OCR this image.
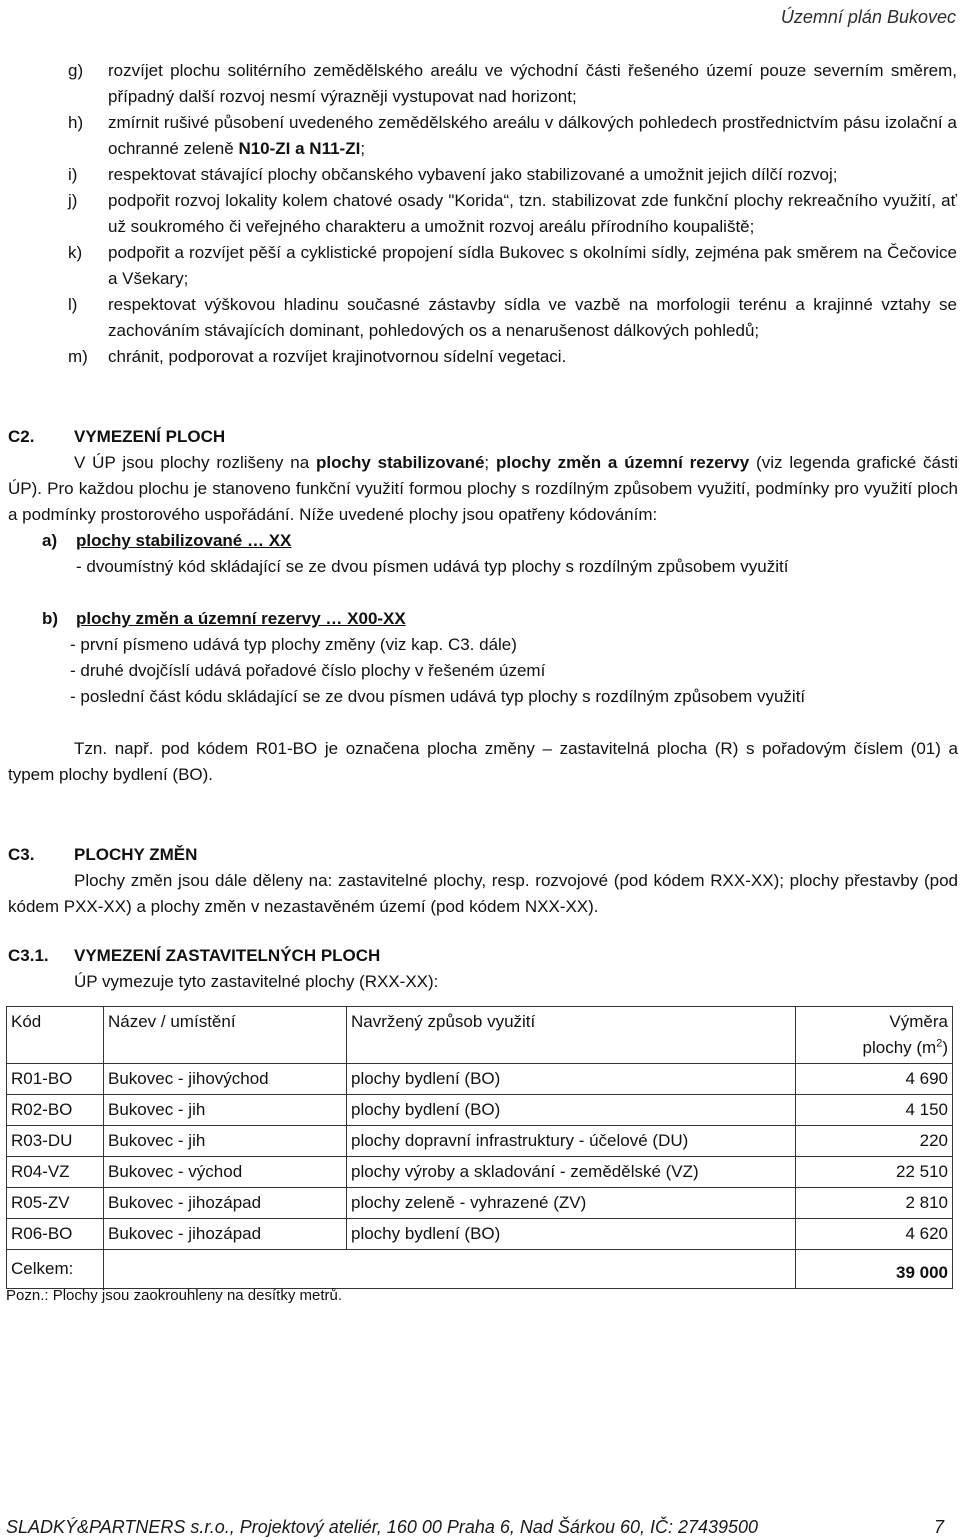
Územní plán Bukovec
g)	rozvíjet plochu solitérního zemědělského areálu ve východní části řešeného území pouze severním směrem, případný další rozvoj nesmí výrazněji vystupovat nad horizont;
h)	zmírnit rušivé působení uvedeného zemědělského areálu v dálkových pohledech prostřednictvím pásu izolační a ochranné zeleně N10-ZI a N11-ZI;
i)	respektovat stávající plochy občanského vybavení jako stabilizované a umožnit jejich dílčí rozvoj;
j)	podpořit rozvoj lokality kolem chatové osady "Korida“, tzn. stabilizovat zde funkční plochy rekreačního využití, ať už soukromého či veřejného charakteru a umožnit rozvoj areálu přírodního koupaliště;
k)	podpořit a rozvíjet pěší a cyklistické propojení sídla Bukovec s okolními sídly, zejména pak směrem na Čečovice a Všekary;
l)	respektovat výškovou hladinu současné zástavby sídla ve vazbě na morfologii terénu a krajinné vztahy se zachováním stávajících dominant, pohledových os a nenarušenost dálkových pohledů;
m)	chránit, podporovat a rozvíjet krajinotvornou sídelní vegetaci.
C2.	VYMEZENÍ PLOCH
V ÚP jsou plochy rozlišeny na plochy stabilizované; plochy změn a územní rezervy (viz legenda grafické části ÚP). Pro každou plochu je stanoveno funkční využití formou plochy s rozdílným způsobem využití, podmínky pro využití ploch a podmínky prostorového uspořádání. Níže uvedené plochy jsou opatřeny kódováním:
a)	plochy stabilizované … XX
- dvoumístný kód skládající se ze dvou písmen udává typ plochy s rozdílným způsobem využití
b)	plochy změn a územní rezervy … X00-XX
- první písmeno udává typ plochy změny (viz kap. C3. dále)
- druhé dvojčíslí udává pořadové číslo plochy v řešeném území
- poslední část kódu skládající se ze dvou písmen udává typ plochy s rozdílným způsobem využití
Tzn. např. pod kódem R01-BO je označena plocha změny – zastavitelná plocha (R) s pořadovým číslem (01) a typem plochy bydlení (BO).
C3.	PLOCHY ZMĚN
Plochy změn jsou dále děleny na: zastavitelné plochy, resp. rozvojové (pod kódem RXX-XX); plochy přestavby (pod kódem PXX-XX) a plochy změn v nezastavěném území (pod kódem NXX-XX).
C3.1.	VYMEZENÍ ZASTAVITELNÝCH PLOCH
ÚP vymezuje tyto zastavitelné plochy (RXX-XX):
Kód	Název / umístění	Navržený způsob využití	Výměra
plochy $(m^2)$

R01-BO	Bukovec - jihovýchod	plochy bydlení (BO)	4 690
R02-BO	Bukovec - jih	plochy bydlení (BO)	4 150
R03-DU	Bukovec - jih	plochy dopravní infrastruktury - účelové (DU)	220
R04-VZ	Bukovec - východ	plochy výroby a skladování - zemědělské (VZ)	22 510
R05-ZV	Bukovec - jihozápad	plochy zeleně - vyhrazené (ZV)	2 810
R06-BO	Bukovec - jihozápad	plochy bydlení (BO)	4 620
Celkem:			39 000
Pozn.: Plochy jsou zaokrouhleny na desítky metrů.
SLADKÝ&PARTNERS s.r.o., Projektový ateliér, 160 00 Praha 6, Nad Šárkou 60, IČ: 27439500	7
